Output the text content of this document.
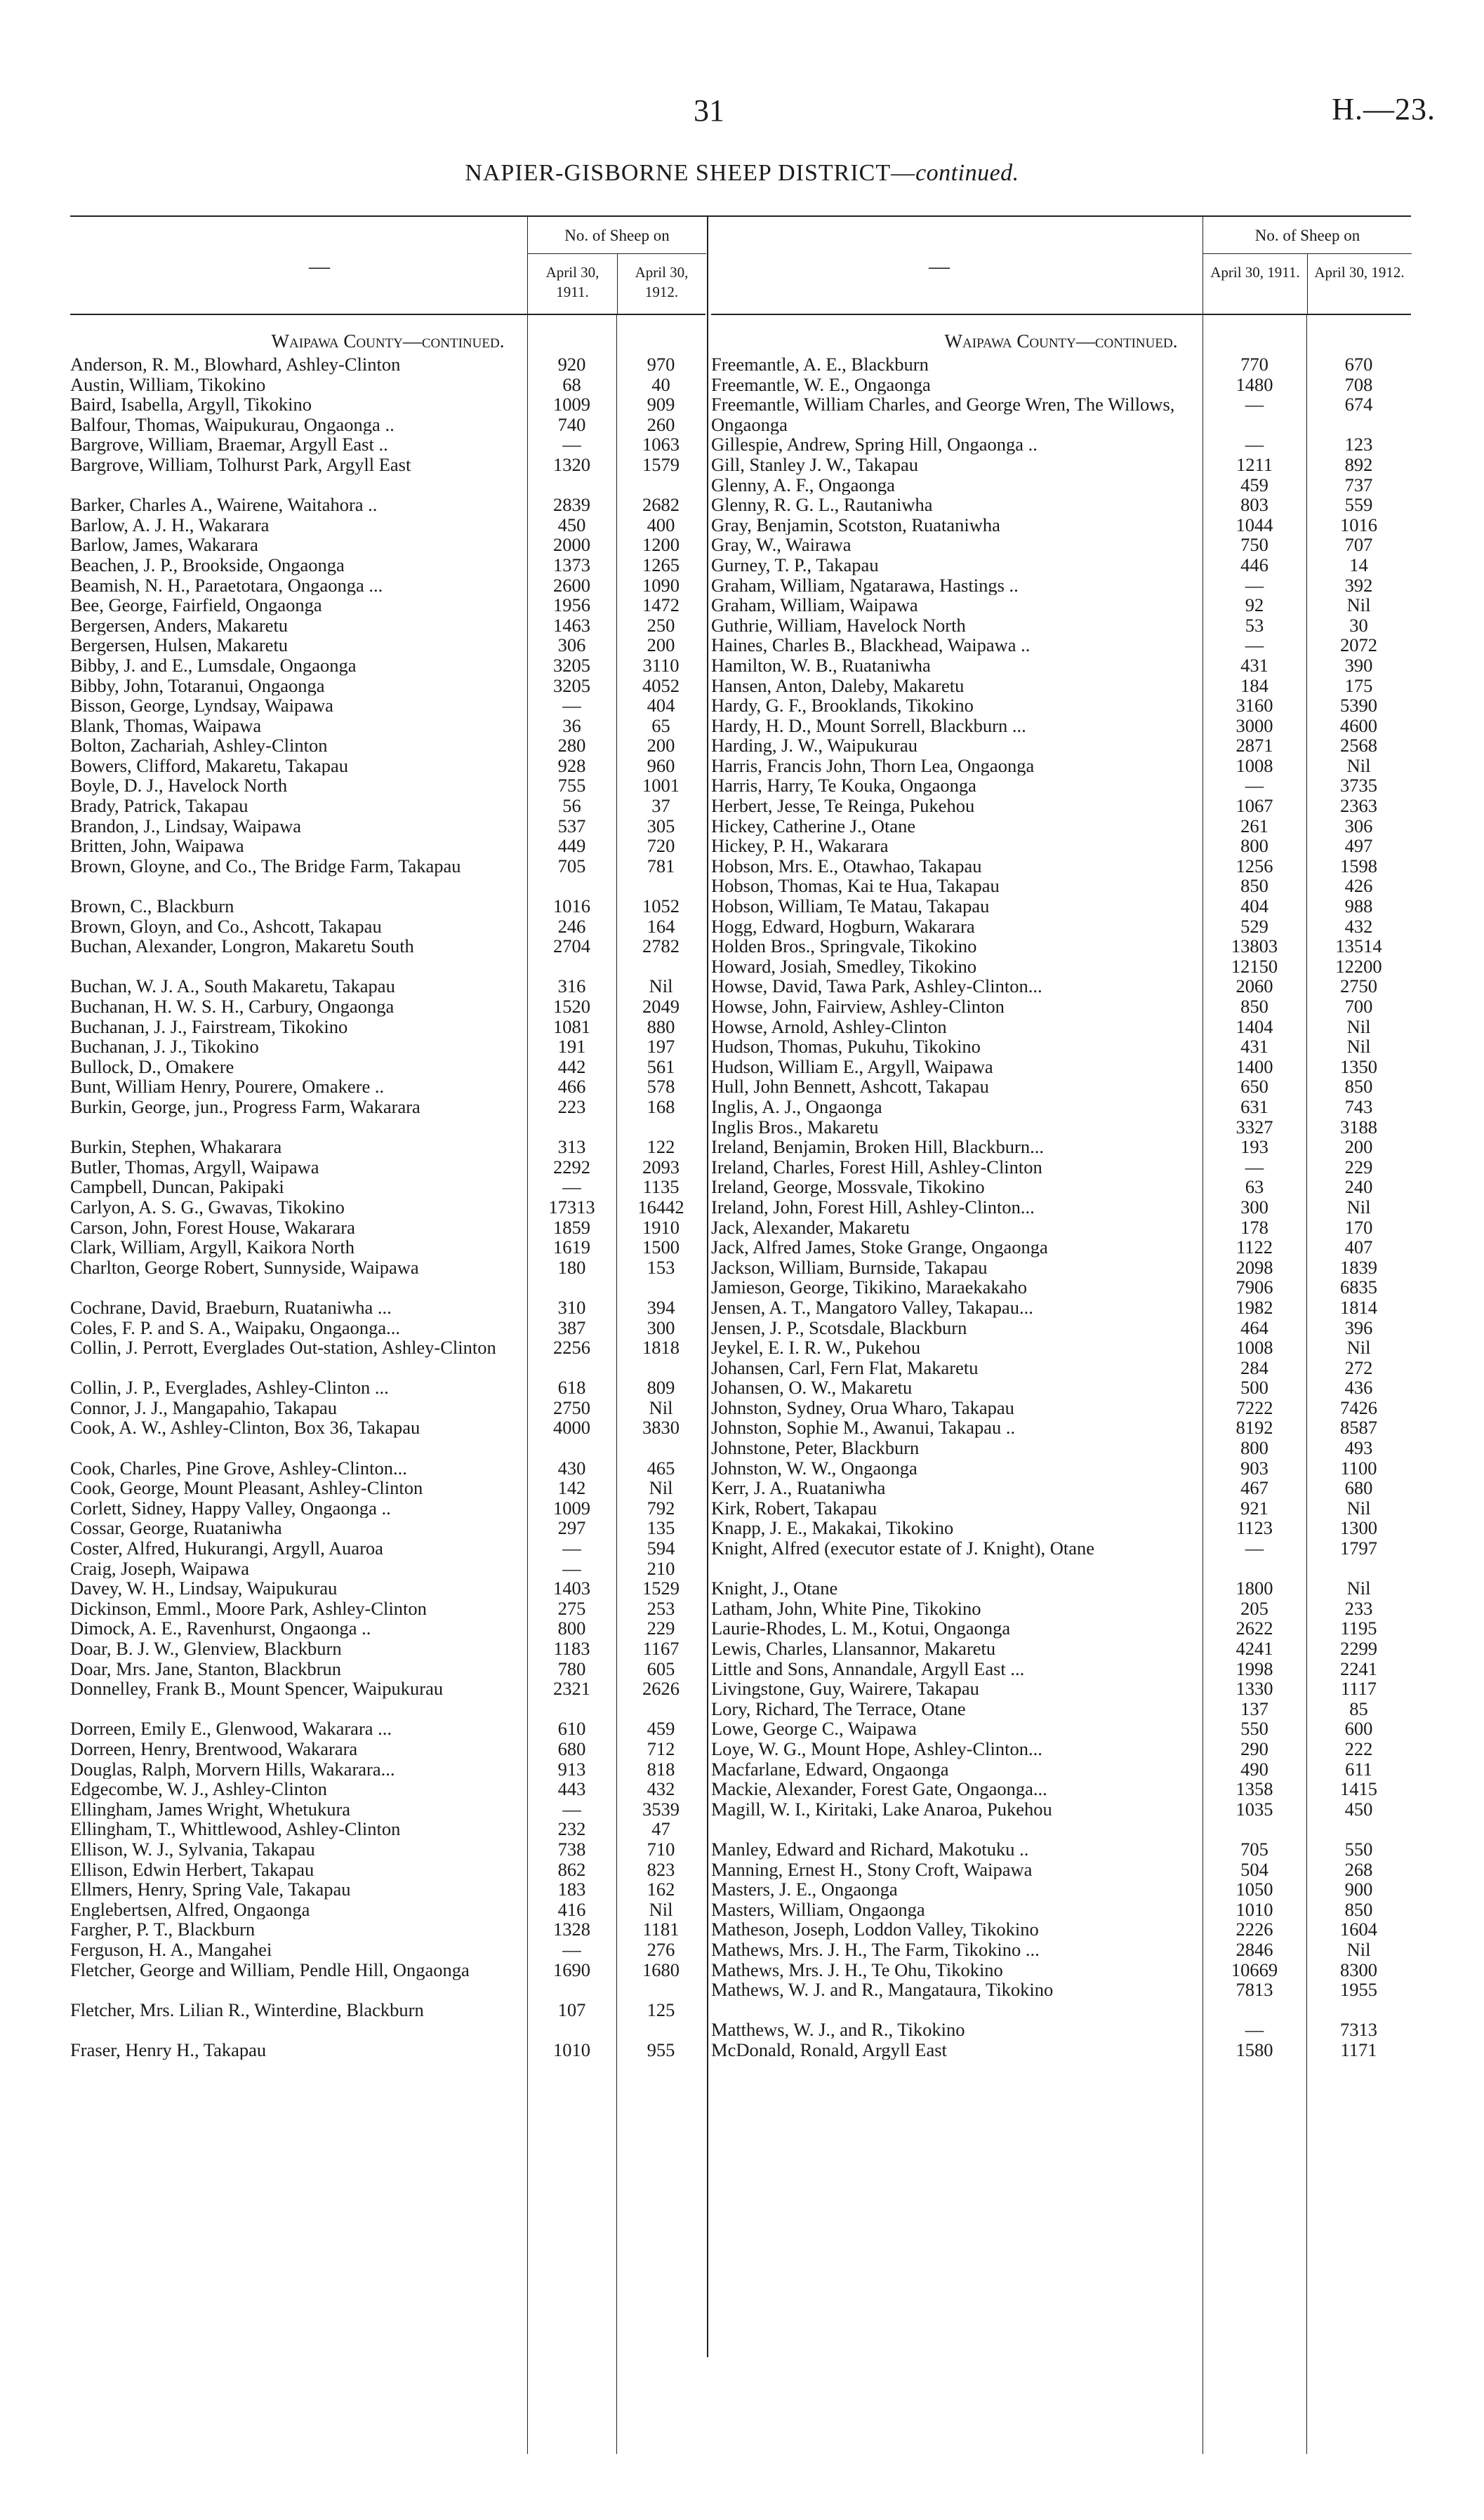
31	H.—23.
NAPIER-GISBORNE SHEEP DISTRICT—continued.
—
No. of Sheep on
April 30, 1911.
April 30, 1912.
Waipawa County—continued.
Anderson, R. M., Blowhard, Ashley-Clinton	920	970
Austin, William, Tikokino	68	40
Baird, Isabella, Argyll, Tikokino	1009	909
Balfour, Thomas, Waipukurau, Ongaonga ..	740	260
Bargrove, William, Braemar, Argyll East ..	—	1063
Bargrove, William, Tolhurst Park, Argyll East	1320	1579
Barker, Charles A., Wairene, Waitahora ..	2839	2682
Barlow, A. J. H., Wakarara	450	400
Barlow, James, Wakarara	2000	1200
Beachen, J. P., Brookside, Ongaonga	1373	1265
Beamish, N. H., Paraetotara, Ongaonga ...	2600	1090
Bee, George, Fairfield, Ongaonga	1956	1472
Bergersen, Anders, Makaretu	1463	250
Bergersen, Hulsen, Makaretu	306	200
Bibby, J. and E., Lumsdale, Ongaonga	3205	3110
Bibby, John, Totaranui, Ongaonga	3205	4052
Bisson, George, Lyndsay, Waipawa	—	404
Blank, Thomas, Waipawa	36	65
Bolton, Zachariah, Ashley-Clinton	280	200
Bowers, Clifford, Makaretu, Takapau	928	960
Boyle, D. J., Havelock North	755	1001
Brady, Patrick, Takapau	56	37
Brandon, J., Lindsay, Waipawa	537	305
Britten, John, Waipawa	449	720
Brown, Gloyne, and Co., The Bridge Farm, Takapau	705	781
Brown, C., Blackburn	1016	1052
Brown, Gloyn, and Co., Ashcott, Takapau	246	164
Buchan, Alexander, Longron, Makaretu South	2704	2782
Buchan, W. J. A., South Makaretu, Takapau	316	Nil
Buchanan, H. W. S. H., Carbury, Ongaonga	1520	2049
Buchanan, J. J., Fairstream, Tikokino	1081	880
Buchanan, J. J., Tikokino	191	197
Bullock, D., Omakere	442	561
Bunt, William Henry, Pourere, Omakere ..	466	578
Burkin, George, jun., Progress Farm, Wakarara	223	168
Burkin, Stephen, Whakarara	313	122
Butler, Thomas, Argyll, Waipawa	2292	2093
Campbell, Duncan, Pakipaki	—	1135
Carlyon, A. S. G., Gwavas, Tikokino	17313	16442
Carson, John, Forest House, Wakarara	1859	1910
Clark, William, Argyll, Kaikora North	1619	1500
Charlton, George Robert, Sunnyside, Waipawa	180	153
Cochrane, David, Braeburn, Ruataniwha ...	310	394
Coles, F. P. and S. A., Waipaku, Ongaonga...	387	300
Collin, J. Perrott, Everglades Out-station, Ashley-Clinton	2256	1818
Collin, J. P., Everglades, Ashley-Clinton ...	618	809
Connor, J. J., Mangapahio, Takapau	2750	Nil
Cook, A. W., Ashley-Clinton, Box 36, Takapau	4000	3830
Cook, Charles, Pine Grove, Ashley-Clinton...	430	465
Cook, George, Mount Pleasant, Ashley-Clinton	142	Nil
Corlett, Sidney, Happy Valley, Ongaonga ..	1009	792
Cossar, George, Ruataniwha	297	135
Coster, Alfred, Hukurangi, Argyll, Auaroa	—	594
Craig, Joseph, Waipawa	—	210
Davey, W. H., Lindsay, Waipukurau	1403	1529
Dickinson, Emml., Moore Park, Ashley-Clinton	275	253
Dimock, A. E., Ravenhurst, Ongaonga ..	800	229
Doar, B. J. W., Glenview, Blackburn	1183	1167
Doar, Mrs. Jane, Stanton, Blackbrun	780	605
Donnelley, Frank B., Mount Spencer, Waipukurau	2321	2626
Dorreen, Emily E., Glenwood, Wakarara ...	610	459
Dorreen, Henry, Brentwood, Wakarara	680	712
Douglas, Ralph, Morvern Hills, Wakarara...	913	818
Edgecombe, W. J., Ashley-Clinton	443	432
Ellingham, James Wright, Whetukura	—	3539
Ellingham, T., Whittlewood, Ashley-Clinton	232	47
Ellison, W. J., Sylvania, Takapau	738	710
Ellison, Edwin Herbert, Takapau	862	823
Ellmers, Henry, Spring Vale, Takapau	183	162
Englebertsen, Alfred, Ongaonga	416	Nil
Fargher, P. T., Blackburn	1328	1181
Ferguson, H. A., Mangahei	—	276
Fletcher, George and William, Pendle Hill, Ongaonga	1690	1680
Fletcher, Mrs. Lilian R., Winterdine, Blackburn	107	125
Fraser, Henry H., Takapau	1010	955
—
No. of Sheep on
April 30, 1911. April 30, 1912.
Waipawa County—continued.
Freemantle, A. E., Blackburn	770	670
Freemantle, W. E., Ongaonga	1480	708
Freemantle, William Charles, and George Wren, The Willows, Ongaonga
—	674
Gillespie, Andrew, Spring Hill, Ongaonga ..	—	123
Gill, Stanley J. W., Takapau	1211	892
Glenny, A. F., Ongaonga	459	737
Glenny, R. G. L., Rautaniwha	803	559
Gray, Benjamin, Scotston, Ruataniwha	1044	1016
Gray, W., Wairawa	750	707
Gurney, T. P., Takapau	446	14
Graham, William, Ngatarawa, Hastings ..	—	392
Graham, William, Waipawa	92	Nil
Guthrie, William, Havelock North	53	30
Haines, Charles B., Blackhead, Waipawa ..	—	2072
Hamilton, W. B., Ruataniwha	431	390
Hansen, Anton, Daleby, Makaretu	184	175
Hardy, G. F., Brooklands, Tikokino	3160	5390
Hardy, H. D., Mount Sorrell, Blackburn ...	3000	4600
Harding, J. W., Waipukurau	2871	2568
Harris, Francis John, Thorn Lea, Ongaonga	1008	Nil
Harris, Harry, Te Kouka, Ongaonga	—	3735
Herbert, Jesse, Te Reinga, Pukehou	1067	2363
Hickey, Catherine J., Otane	261	306
Hickey, P. H., Wakarara	800	497
Hobson, Mrs. E., Otawhao, Takapau	1256	1598
Hobson, Thomas, Kai te Hua, Takapau	850	426
Hobson, William, Te Matau, Takapau	404	988
Hogg, Edward, Hogburn, Wakarara	529	432
Holden Bros., Springvale, Tikokino	13803	13514
Howard, Josiah, Smedley, Tikokino	12150	12200
Howse, David, Tawa Park, Ashley-Clinton...	2060	2750
Howse, John, Fairview, Ashley-Clinton	850	700
Howse, Arnold, Ashley-Clinton	1404	Nil
Hudson, Thomas, Pukuhu, Tikokino	431	Nil
Hudson, William E., Argyll, Waipawa	1400	1350
Hull, John Bennett, Ashcott, Takapau	650	850
Inglis, A. J., Ongaonga	631	743
Inglis Bros., Makaretu	3327	3188
Ireland, Benjamin, Broken Hill, Blackburn...	193	200
Ireland, Charles, Forest Hill, Ashley-Clinton	—	229
Ireland, George, Mossvale, Tikokino	63	240
Ireland, John, Forest Hill, Ashley-Clinton...	300	Nil
Jack, Alexander, Makaretu	178	170
Jack, Alfred James, Stoke Grange, Ongaonga	1122	407
Jackson, William, Burnside, Takapau	2098	1839
Jamieson, George, Tikikino, Maraekakaho	7906	6835
Jensen, A. T., Mangatoro Valley, Takapau...	1982	1814
Jensen, J. P., Scotsdale, Blackburn	464	396
Jeykel, E. I. R. W., Pukehou	1008	Nil
Johansen, Carl, Fern Flat, Makaretu	284	272
Johansen, O. W., Makaretu	500	436
Johnston, Sydney, Orua Wharo, Takapau	7222	7426
Johnston, Sophie M., Awanui, Takapau ..	8192	8587
Johnstone, Peter, Blackburn	800	493
Johnston, W. W., Ongaonga	903	1100
Kerr, J. A., Ruataniwha	467	680
Kirk, Robert, Takapau	921	Nil
Knapp, J. E., Makakai, Tikokino	1123	1300
Knight, Alfred (executor estate of J. Knight), Otane	—	1797
Knight, J., Otane	1800	Nil
Latham, John, White Pine, Tikokino	205	233
Laurie-Rhodes, L. M., Kotui, Ongaonga	2622	1195
Lewis, Charles, Llansannor, Makaretu	4241	2299
Little and Sons, Annandale, Argyll East ...	1998	2241
Livingstone, Guy, Wairere, Takapau	1330	1117
Lory, Richard, The Terrace, Otane	137	85
Lowe, George C., Waipawa	550	600
Loye, W. G., Mount Hope, Ashley-Clinton...	290	222
Macfarlane, Edward, Ongaonga	490	611
Mackie, Alexander, Forest Gate, Ongaonga...	1358	1415
Magill, W. I., Kiritaki, Lake Anaroa, Pukehou	1035	450
Manley, Edward and Richard, Makotuku ..	705	550
Manning, Ernest H., Stony Croft, Waipawa	504	268
Masters, J. E., Ongaonga	1050	900
Masters, William, Ongaonga	1010	850
Matheson, Joseph, Loddon Valley, Tikokino	2226	1604
Mathews, Mrs. J. H., The Farm, Tikokino ...	2846	Nil
Mathews, Mrs. J. H., Te Ohu, Tikokino	10669	8300
Mathews, W. J. and R., Mangataura, Tikokino	7813	1955
Matthews, W. J., and R., Tikokino	—	7313
McDonald, Ronald, Argyll East	1580	1171
